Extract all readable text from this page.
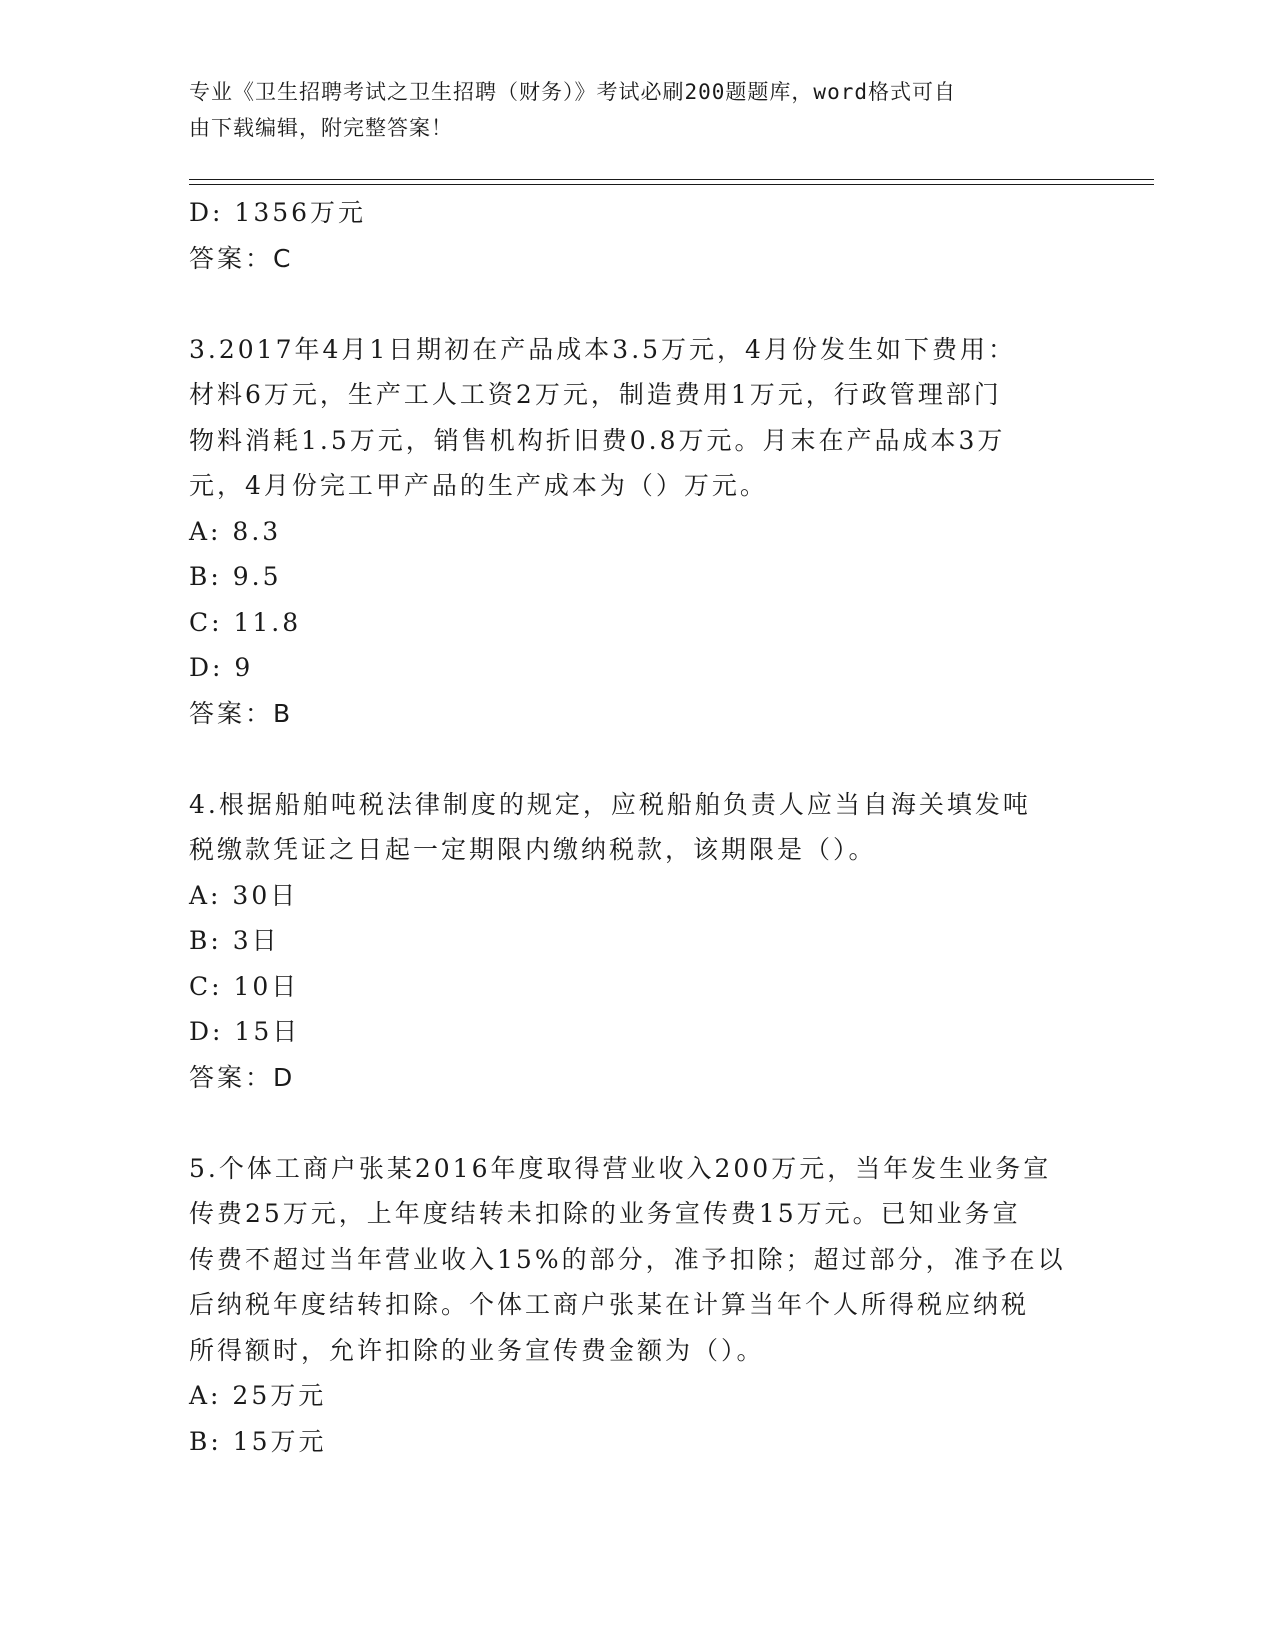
专业《卫生招聘考试之卫生招聘（财务）》考试必刷200题题库，word格式可自
由下载编辑，附完整答案！
D: 1356万元
答案：C
3.2017年4月1日期初在产品成本3.5万元，4月份发生如下费用：
材料6万元，生产工人工资2万元，制造费用1万元，行政管理部门
物料消耗1.5万元，销售机构折旧费0.8万元。月末在产品成本3万
元，4月份完工甲产品的生产成本为（）万元。
A: 8.3
B: 9.5
C: 11.8
D: 9
答案：B
4.根据船舶吨税法律制度的规定，应税船舶负责人应当自海关填发吨
税缴款凭证之日起一定期限内缴纳税款，该期限是（）。
A: 30日
B: 3日
C: 10日
D: 15日
答案：D
5.个体工商户张某2016年度取得营业收入200万元，当年发生业务宣
传费25万元，上年度结转未扣除的业务宣传费15万元。已知业务宣
传费不超过当年营业收入15%的部分，准予扣除；超过部分，准予在以
后纳税年度结转扣除。个体工商户张某在计算当年个人所得税应纳税
所得额时，允许扣除的业务宣传费金额为（）。
A: 25万元
B: 15万元
